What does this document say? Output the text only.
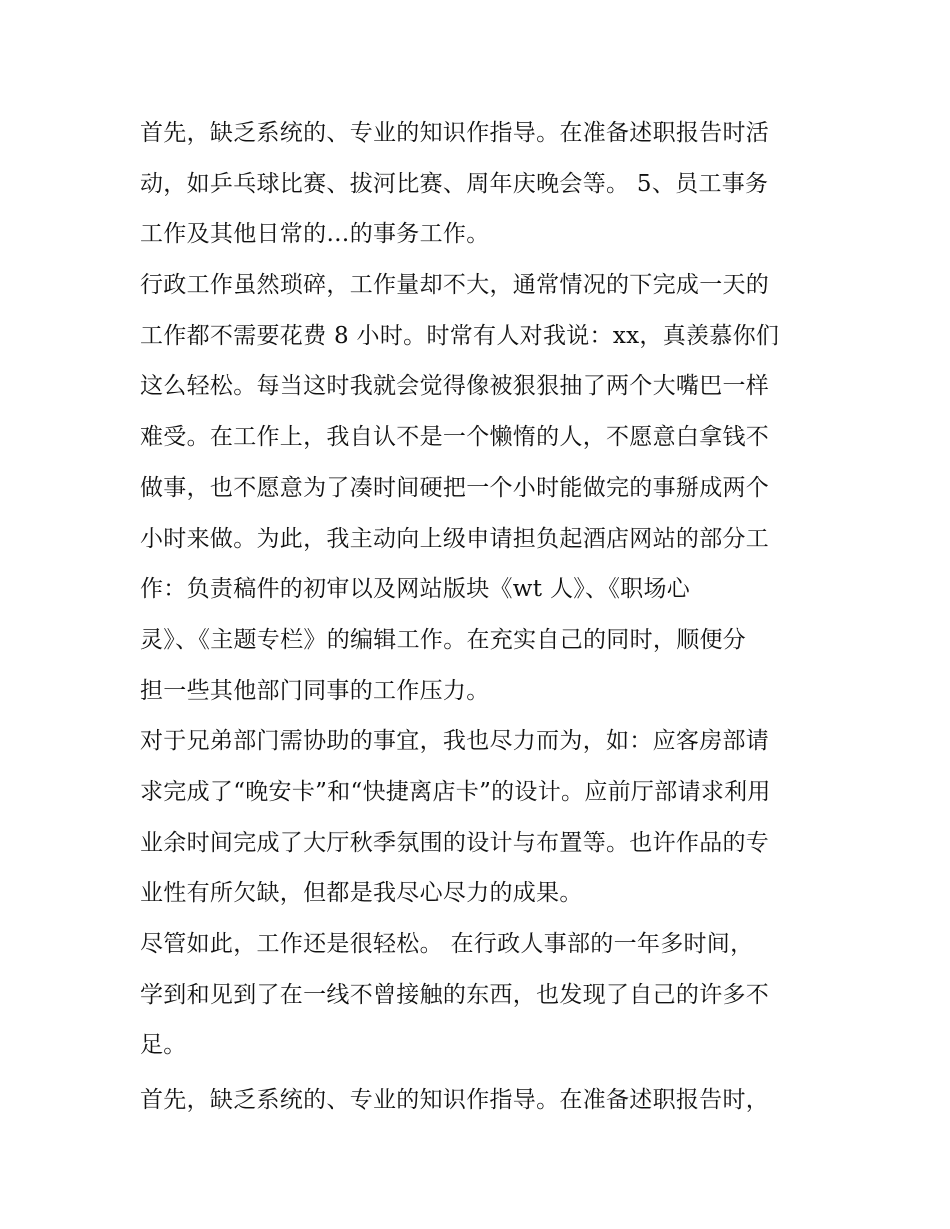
首先，缺乏系统的、专业的知识作指导。在准备述职报告时活
动，如乒乓球比赛、拔河比赛、周年庆晚会等。 5、员工事务
工作及其他日常的…的事务工作。
行政工作虽然琐碎，工作量却不大，通常情况的下完成一天的
工作都不需要花费 8 小时。时常有人对我说：xx，真羡慕你们
这么轻松。每当这时我就会觉得像被狠狠抽了两个大嘴巴一样
难受。在工作上，我自认不是一个懒惰的人，不愿意白拿钱不
做事，也不愿意为了凑时间硬把一个小时能做完的事掰成两个
小时来做。为此，我主动向上级申请担负起酒店网站的部分工
作：负责稿件的初审以及网站版块《wt 人》、《职场心
灵》、《主题专栏》的编辑工作。在充实自己的同时，顺便分
担一些其他部门同事的工作压力。
对于兄弟部门需协助的事宜，我也尽力而为，如：应客房部请
求完成了“晚安卡”和“快捷离店卡”的设计。应前厅部请求利用
业余时间完成了大厅秋季氛围的设计与布置等。也许作品的专
业性有所欠缺，但都是我尽心尽力的成果。
尽管如此，工作还是很轻松。 在行政人事部的一年多时间，
学到和见到了在一线不曾接触的东西，也发现了自己的许多不
足。
首先，缺乏系统的、专业的知识作指导。在准备述职报告时，
